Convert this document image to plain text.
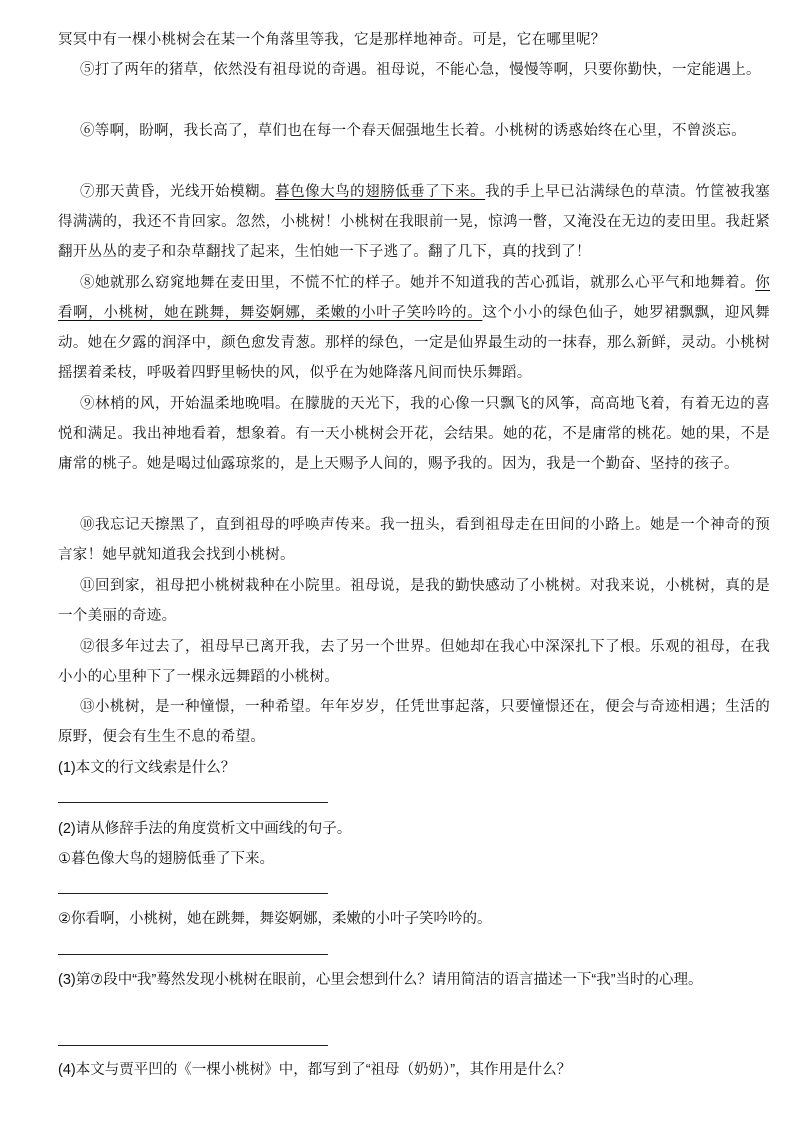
冥冥中有一棵小桃树会在某一个角落里等我，它是那样地神奇。可是，它在哪里呢？

⑤打了两年的猪草，依然没有祖母说的奇遇。祖母说，不能心急，慢慢等啊，只要你勤快，一定能遇上。

⑥等啊，盼啊，我长高了，草们也在每一个春天倔强地生长着。小桃树的诱惑始终在心里，不曾淡忘。

⑦那天黄昏，光线开始模糊。暮色像大鸟的翅膀低垂了下来。我的手上早已沾满绿色的草渍。竹筐被我塞得满满的，我还不肯回家。忽然，小桃树！小桃树在我眼前一晃，惊鸿一瞥，又淹没在无边的麦田里。我赶紧翻开丛丛的麦子和杂草翻找了起来，生怕她一下子逃了。翻了几下，真的找到了！

⑧她就那么窈窕地舞在麦田里，不慌不忙的样子。她并不知道我的苦心孤诣，就那么心平气和地舞着。你看啊，小桃树，她在跳舞，舞姿婀娜，柔嫩的小叶子笑吟吟的。这个小小的绿色仙子，她罗裙飘飘，迎风舞动。她在夕露的润泽中，颜色愈发青葱。那样的绿色，一定是仙界最生动的一抹春，那么新鲜，灵动。小桃树摇摆着柔枝，呼吸着四野里畅快的风，似乎在为她降落凡间而快乐舞蹈。

⑨林梢的风，开始温柔地晚唱。在朦胧的天光下，我的心像一只飘飞的风筝，高高地飞着，有着无边的喜悦和满足。我出神地看着，想象着。有一天小桃树会开花，会结果。她的花，不是庸常的桃花。她的果，不是庸常的桃子。她是喝过仙露琼浆的，是上天赐予人间的，赐予我的。因为，我是一个勤奋、坚持的孩子。

⑩我忘记天擦黑了，直到祖母的呼唤声传来。我一扭头，看到祖母走在田间的小路上。她是一个神奇的预言家！她早就知道我会找到小桃树。

⑪回到家，祖母把小桃树栽种在小院里。祖母说，是我的勤快感动了小桃树。对我来说，小桃树，真的是一个美丽的奇迹。

⑫很多年过去了，祖母早已离开我，去了另一个世界。但她却在我心中深深扎下了根。乐观的祖母，在我小小的心里种下了一棵永远舞蹈的小桃树。

⑬小桃树，是一种憧憬，一种希望。年年岁岁，任凭世事起落，只要憧憬还在，便会与奇迹相遇；生活的原野，便会有生生不息的希望。

(1)本文的行文线索是什么？

(2)请从修辞手法的角度赏析文中画线的句子。

①暮色像大鸟的翅膀低垂了下来。

②你看啊，小桃树，她在跳舞，舞姿婀娜，柔嫩的小叶子笑吟吟的。

(3)第⑦段中“我”蓦然发现小桃树在眼前，心里会想到什么？请用简洁的语言描述一下“我”当时的心理。

(4)本文与贾平凹的《一棵小桃树》中，都写到了“祖母（奶奶）”，其作用是什么？
